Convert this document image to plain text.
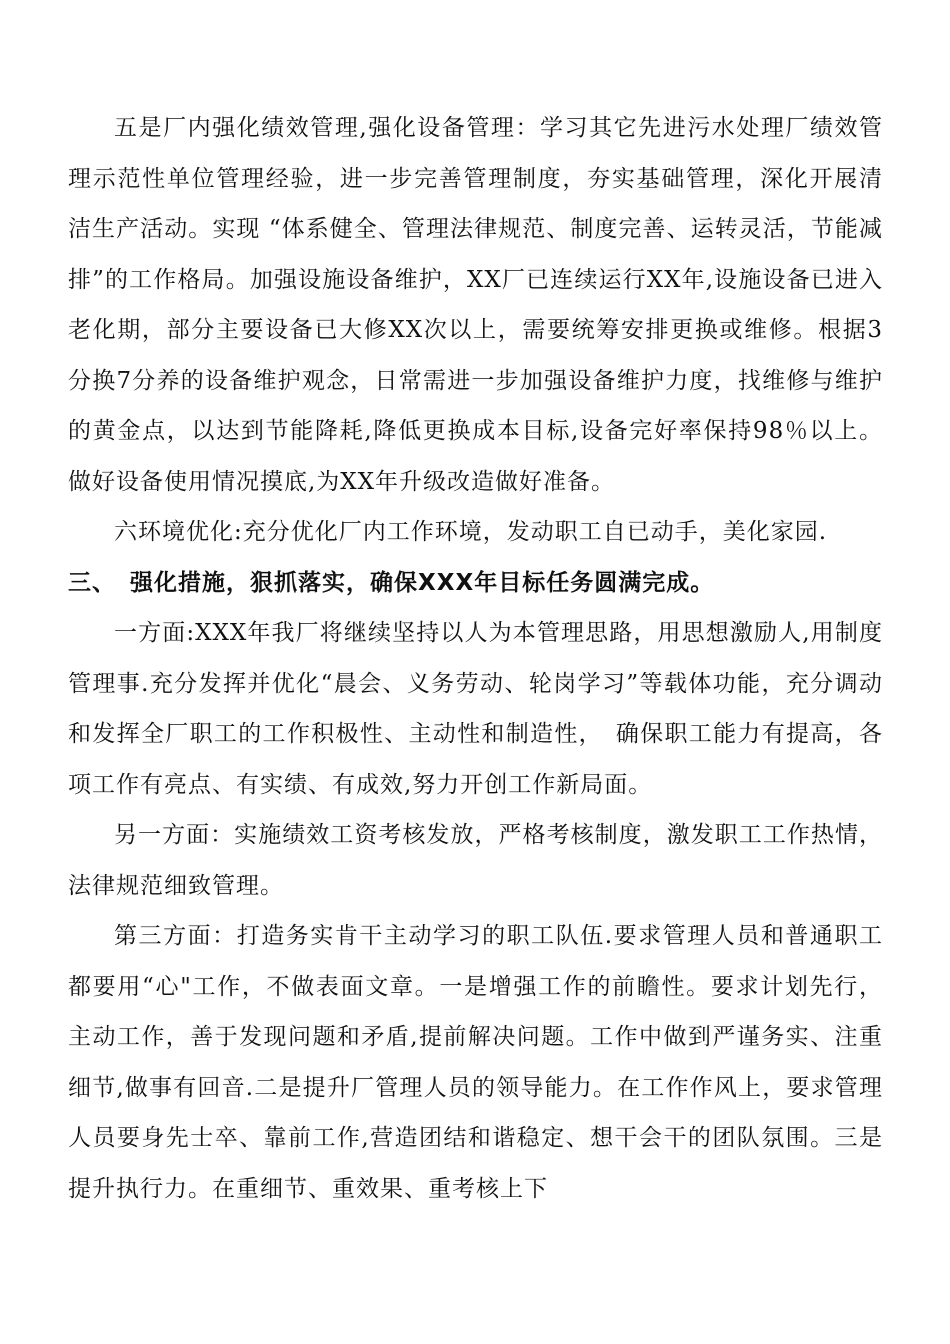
五是厂内强化绩效管理,强化设备管理：学习其它先进污水处理厂绩效管理示范性单位管理经验，进一步完善管理制度，夯实基础管理，深化开展清洁生产活动。实现 “体系健全、管理法律规范、制度完善、运转灵活，节能减排”的工作格局。加强设施设备维护，XX厂已连续运行XX年,设施设备已进入老化期，部分主要设备已大修XX次以上，需要统筹安排更换或维修。根据3分换7分养的设备维护观念，日常需进一步加强设备维护力度，找维修与维护的黄金点，以达到节能降耗,降低更换成本目标,设备完好率保持98％以上。做好设备使用情况摸底,为XX年升级改造做好准备。

六环境优化:充分优化厂内工作环境，发动职工自已动手，美化家园.

三、 强化措施，狠抓落实，确保XXX年目标任务圆满完成。

一方面:XXX年我厂将继续坚持以人为本管理思路，用思想激励人,用制度管理事.充分发挥并优化“晨会、义务劳动、轮岗学习”等载体功能，充分调动和发挥全厂职工的工作积极性、主动性和制造性，　确保职工能力有提高，各项工作有亮点、有实绩、有成效,努力开创工作新局面。

另一方面：实施绩效工资考核发放，严格考核制度，激发职工工作热情，法律规范细致管理。

第三方面：打造务实肯干主动学习的职工队伍.要求管理人员和普通职工都要用“心"工作，不做表面文章。一是增强工作的前瞻性。要求计划先行，主动工作，善于发现问题和矛盾,提前解决问题。工作中做到严谨务实、注重细节,做事有回音.二是提升厂管理人员的领导能力。在工作作风上，要求管理人员要身先士卒、靠前工作,营造团结和谐稳定、想干会干的团队氛围。三是提升执行力。在重细节、重效果、重考核上下
